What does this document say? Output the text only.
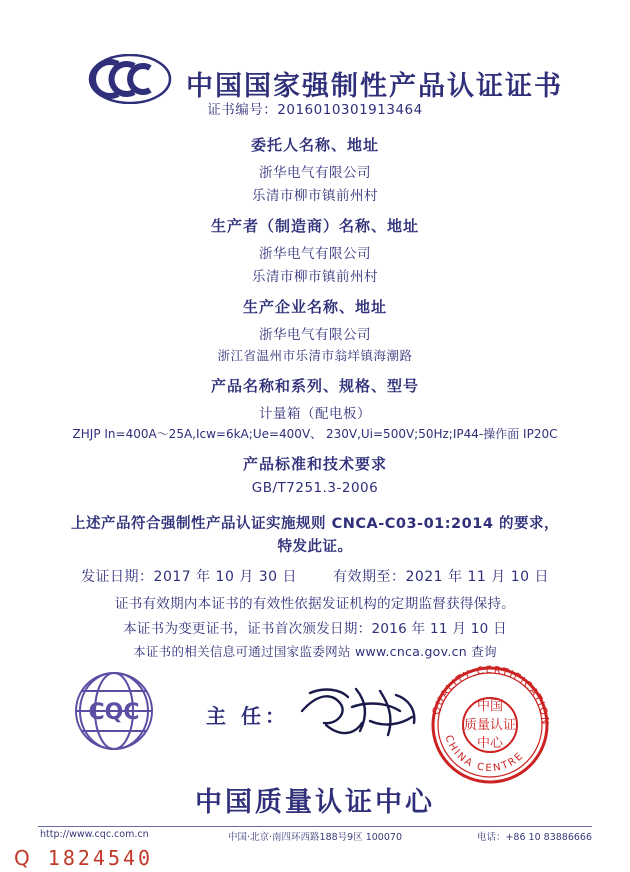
中国国家强制性产品认证证书
证书编号：2016010301913464
委托人名称、地址
浙华电气有限公司
乐清市柳市镇前州村
生产者（制造商）名称、地址
浙华电气有限公司
乐清市柳市镇前州村
生产企业名称、地址
浙华电气有限公司
浙江省温州市乐清市翁垟镇海潮路
产品名称和系列、规格、型号
计量箱（配电板）
ZHJP In=400A～25A,Icw=6kA;Ue=400V、 230V,Ui=500V;50Hz;IP44-操作面 IP20C
产品标准和技术要求
GB/T7251.3-2006
上述产品符合强制性产品认证实施规则 CNCA-C03-01:2014 的要求，
特发此证。
发证日期：2017 年 10 月 30 日	有效期至：2021 年 11 月 10 日
证书有效期内本证书的有效性依据发证机构的定期监督获得保持。
本证书为变更证书，证书首次颁发日期：2016 年 11 月 10 日
本证书的相关信息可通过国家监委网站 www.cnca.gov.cn 查询
CQC	主 任：	QUALITY CERTIFICATION
CHINA CENTRE
中国
质量认证
中心
中国质量认证中心
http://www.cqc.com.cn	中国·北京·南四环西路188号9区 100070	电话：+86 10 83886666
Q 1824540
